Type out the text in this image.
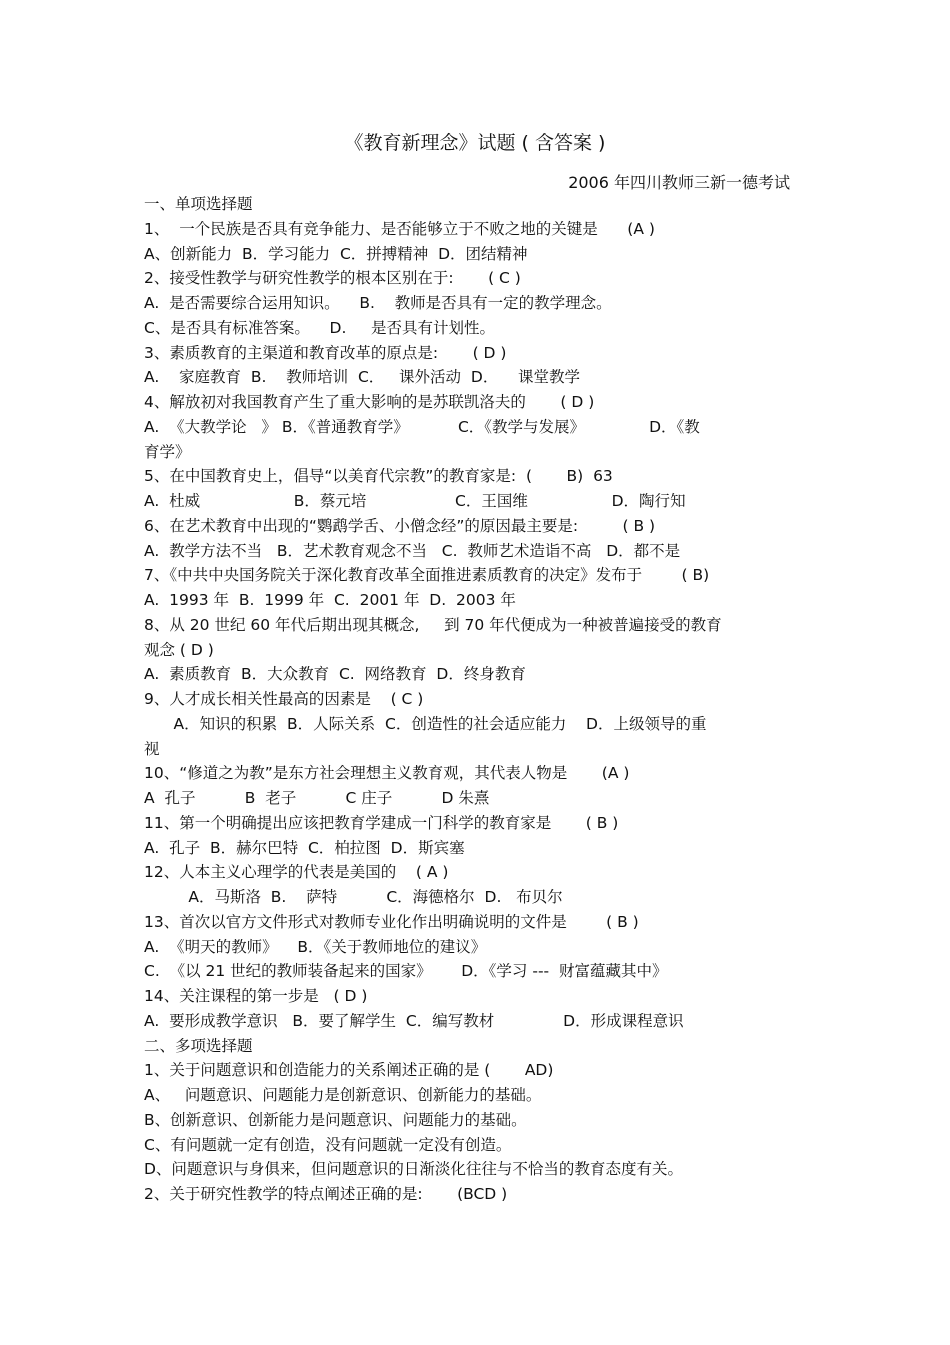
《教育新理念》试题 ( 含答案 )
2006 年四川教师三新一德考试
一、单项选择题
1、  一个民族是否具有竞争能力、是否能够立于不败之地的关键是      (A )
A、创新能力  B．学习能力  C．拼搏精神  D．团结精神
2、接受性教学与研究性教学的根本区别在于:       ( C )
A.  是否需要综合运用知识。    B.    教师是否具有一定的教学理念。
C、是否具有标准答案。    D.     是否具有计划性。
3、素质教育的主渠道和教育改革的原点是:       ( D )
A.    家庭教育  B.    教师培训  C．   课外活动  D．    课堂教学
4、解放初对我国教育产生了重大影响的是苏联凯洛夫的       ( D )
A.  《大教学论   》 B．《普通教育学》          C．《教学与发展》             D．《教
育学》
5、在中国教育史上，倡导“以美育代宗教”的教育家是:  (       B)  63
A.  杜威                   B．蔡元培                  C．王国维                 D．陶行知
6、在艺术教育中出现的“鹦鹉学舌、小僧念经”的原因最主要是:         ( B )
A.  教学方法不当   B．艺术教育观念不当   C.  教师艺术造诣不高   D．都不是
7、《中共中央国务院关于深化教育改革全面推进素质教育的决定》发布于        ( B)
A.  1993 年  B.  1999 年  C.  2001 年  D.  2003 年
8、从 20 世纪 60 年代后期出现其概念,     到 70 年代便成为一种被普遍接受的教育
观念 ( D )
A.  素质教育  B．大众教育  C.  网络教育  D．终身教育
9、人才成长相关性最高的因素是    ( C )
A．知识的积累  B．人际关系  C．创造性的社会适应能力    D．上级领导的重
视
10、“修道之为教”是东方社会理想主义教育观，其代表人物是       (A )
A  孔子          B  老子          C 庄子          D 朱熹
11、第一个明确提出应该把教育学建成一门科学的教育家是       ( B )
A.  孔子  B．赫尔巴特  C．柏拉图  D．斯宾塞
12、人本主义心理学的代表是美国的    ( A )
A．马斯洛  B.    萨特          C．海德格尔  D.   布贝尔
13、首次以官方文件形式对教师专业化作出明确说明的文件是        ( B )
A.  《明天的教师》    B．《关于教师地位的建议》
C.  《以 21 世纪的教师装备起来的国家》      D．《学习 ---  财富蕴藏其中》
14、关注课程的第一步是   ( D )
A.  要形成教学意识   B．要了解学生  C．编写教材              D．形成课程意识
二、多项选择题
1、关于问题意识和创造能力的关系阐述正确的是 (       AD)
A、   问题意识、问题能力是创新意识、创新能力的基础。
B、创新意识、创新能力是问题意识、问题能力的基础。
C、有问题就一定有创造，没有问题就一定没有创造。
D、问题意识与身俱来，但问题意识的日渐淡化往往与不恰当的教育态度有关。
2、关于研究性教学的特点阐述正确的是:       (BCD )
